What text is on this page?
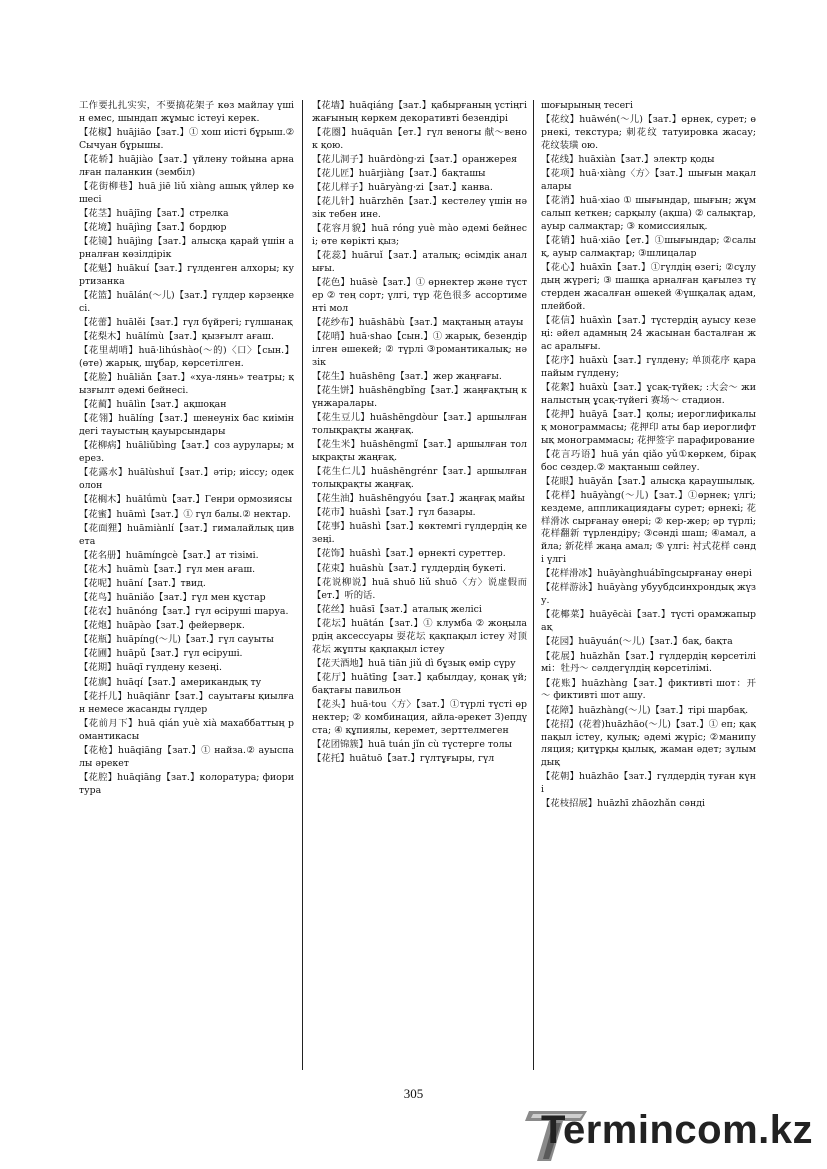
工作要扎扎实实，不要搞花架子 көз майлау үшін емес, шындап жұмыс істеуі керек.

【花椒】huājiāo【зат.】① хош иісті бұрыш.②Сычуан бұрышы.

【花轿】huājiào【зат.】үйлену тойына арналған паланкин (зембіл)

【花街柳巷】huā jiē liǔ xiàng ашық үйлер көшесі

【花茎】huājīng【зат.】стрелка

【花境】huājìng【зат.】бордюр

【花镜】huājìng【зат.】алысқа қарай үшін арналған көзілдірік

【花魁】huākuí【зат.】гүлденген алхоры; куртизанка

【花篮】huālán(～儿)【зат.】гүлдер кәрзеңкесі.

【花蕾】huālěi【зат.】гүл бүйрегі; гүлшанақ

【花梨木】huālímù【зат.】қызғылт ағаш.

【花里胡哨】huā·lihúshào(～的)〈口〉【сын.】(өте) жарық, шұбар, көрсетілген.

【花脸】huāliǎn【зат.】«хуа-лянь» театры; қызғылт әдемі бейнесі.

【花蔺】huālìn【зат.】ақшоқан

【花翎】huālíng【зат.】шенеуніх бас киіміндегі тауыстың қауырсындары

【花柳病】huāliǔbìng【зат.】соз аурулары; мерез.

【花露水】huālùshuǐ【зат.】әтір; иіссу; одеколон

【花榈木】huālǘmù【зат.】Генри ормозиясы

【花蜜】huāmì【зат.】① гүл балы.② нектар.

【花面狸】huāmiànlí【зат.】гималайлық цивета

【花名册】huāmíngcè【зат.】ат тізімі.

【花木】huāmù【зат.】гүл мен ағаш.

【花呢】huāní【зат.】твид.

【花鸟】huāniǎo【зат.】гүл мен құстар

【花农】huānóng【зат.】гүл өсіруші шаруа.

【花炮】huāpào【зат.】фейерверк.

【花瓶】huāpíng(～儿)【зат.】гүл сауыты

【花圃】huāpǔ【зат.】гүл өсіруші.

【花期】huāqī гүлдену кезеңі.

【花旗】huāqí【зат.】американдық ту

【花扦儿】huāqiānr【зат.】сауытағы қиылған немесе жасанды гүлдер

【花前月下】huā qián yuè xià махаббаттың романтикасы

【花枪】huāqiāng【зат.】① найза.② ауыспалы әрекет

【花腔】huāqiāng【зат.】колоратура; фиоритура

【花墙】huāqiáng【зат.】қабырғаның үстіңгі жағының көркем декоративті безендірі

【花圈】huāquān【ет.】гүл веногы 献～венок қою.

【花儿洞子】huārdòng·zi【зат.】оранжерея

【花儿匠】huārjiàng【зат.】бақташы

【花儿样子】huāryàng·zi【зат.】канва.

【花儿针】huārzhēn【зат.】кестелеу үшін нәзік тебен ине.

【花容月貌】huā róng yuè mào әдемі бейнесі; өте көрікті қыз;

【花蕊】huāruǐ【зат.】аталық; өсімдік аналығы.

【花色】huāsè【зат.】① өрнектер және түстер ② тең сорт; үлгі, түр 花色很多 ассортименті мол

【花纱布】huāshābù【зат.】мақтаның атауы

【花哨】huā·shao【сын.】① жарық, безендірілген әшекей; ② түрлі ③романтикалық; нәзік

【花生】huāshēng【зат.】жер жаңғағы.

【花生饼】huāshēngbǐng【зат.】жаңғақтың күнжаралары.

【花生豆儿】huāshēngdòur【зат.】аршылған толықрақты жаңғақ.

【花生米】huāshēngmǐ【зат.】аршылған толықрақты жаңғақ.

【花生仁儿】huāshēngrénr【зат.】аршылған толықрақты жаңғақ.

【花生油】huāshēngyóu【зат.】жаңғақ майы

【花市】huāshì【зат.】гүл базары.

【花事】huāshì【зат.】көктемгі гүлдердің кезеңі.

【花饰】huāshì【зат.】өрнекті суреттер.

【花束】huāshù【зат.】гүлдердің букеті.

【花说柳说】huā shuō liǔ shuō〈方〉说虚假而【ет.】听的话.

【花丝】huāsī【зат.】аталық желісі

【花坛】huātán【зат.】① клумба ② жоңылардің аксессуары 耍花坛 қақпақыл істеу 对顶花坛 жұпты қақпақыл істеу

【花天酒地】huā tiān jiǔ dì бұзық өмір сүру

【花厅】huātīng【зат.】қабылдау, қонақ үй; бақтағы павильон

【花头】huā·tou〈方〉【зат.】①түрлі түсті өрнектер; ② комбинация, айла-әрекет 3)епдүста; ④ құпиялы, керемет, зерттелмеген

【花团锦簇】huā tuán jǐn cù түстерге толы

【花托】huātuō【зат.】гүлтұғыры, гүл

шоғырының тесегі

【花纹】huāwén(～儿)【зат.】өрнек, сурет; өрнекі, текстура; 刺花纹 татуировка жасау; 花纹装璜 ою.

【花线】huāxiàn【зат.】электр қоды

【花项】huā·xiàng〈方〉【зат.】шығын мақалалары

【花消】huā·xiao ① шығындар, шығын; жұмсалып кеткен; сарқылу (ақша) ② салықтар, ауыр салмақтар; ③ комиссиялық.

【花销】huā·xiāo【ет.】①шығындар; ②салық, ауыр салмақтар; ③шлицалар

【花心】huāxīn【зат.】①гүлдің өзегі; ②сұлудың жүрегі; ③ шашқа арналған қағылез түстерден жасалған әшекей ④үшқалақ адам, плейбой.

【花信】huāxìn【зат.】түстердің ауысу кезеңі: әйел адамның 24 жасынан басталған жас аралығы.

【花序】huāxù【зат.】гүлдену; 单顶花序 қарапайым гүлдену;

【花絮】huāxù【зат.】ұсақ-түйек; :大会～ жиналыстың ұсақ-түйегі 赛场～ стадион.

【花押】huāyā【зат.】қолы; иероглификалық монограммасы; 花押印 аты бар иероглифтық монограммасы; 花押签字 парафирование

【花言巧语】huā yán qiǎo yǔ①көркем, бірақ бос сөздер.② мақтаныш сөйлеу.

【花眼】huāyǎn【зат.】алысқа қараушылық.

【花样】huāyàng(～儿)【зат.】①өрнек; үлгі; кездеме, аппликациядағы сурет; өрнекі; 花样滑冰 сырғанау өнері; ② кер-жер; әр түрлі; 花样翻新 түрлендіру; ③сәнді шаш; ④амал, айла; 新花样 жаңа амал; ⑤ үлгі: 衬式花样 сәнді үлгі

【花样滑冰】huāyànghuábīngсырғанау өнері

【花样游泳】huāyàng убуубдсинхрондық жүзу.

【花椰菜】huāyēcài【зат.】түсті орамжапырақ

【花园】huāyuán(～儿)【зат.】бақ, бақта

【花展】huāzhǎn【зат.】гүлдердің көрсетілімі：牡丹～ сәлдегүлдің көрсетілімі.

【花账】huāzhàng【зат.】фиктивті шот：开～ фиктивті шот ашу.

【花障】huāzhàng(～儿)【зат.】тірі шарбақ.

【花招】(花着)huāzhāo(～儿)【зат.】① еп; қақпақыл істеу, қулық; әдемі жүріс; ②манипуляция; қитұрқы қылық, жаман әдет; зұлымдық

【花朝】huāzhāo【зат.】гүлдердің туған күні

【花枝招展】huāzhī zhāozhǎn сәнді

305
Termincom.kz
